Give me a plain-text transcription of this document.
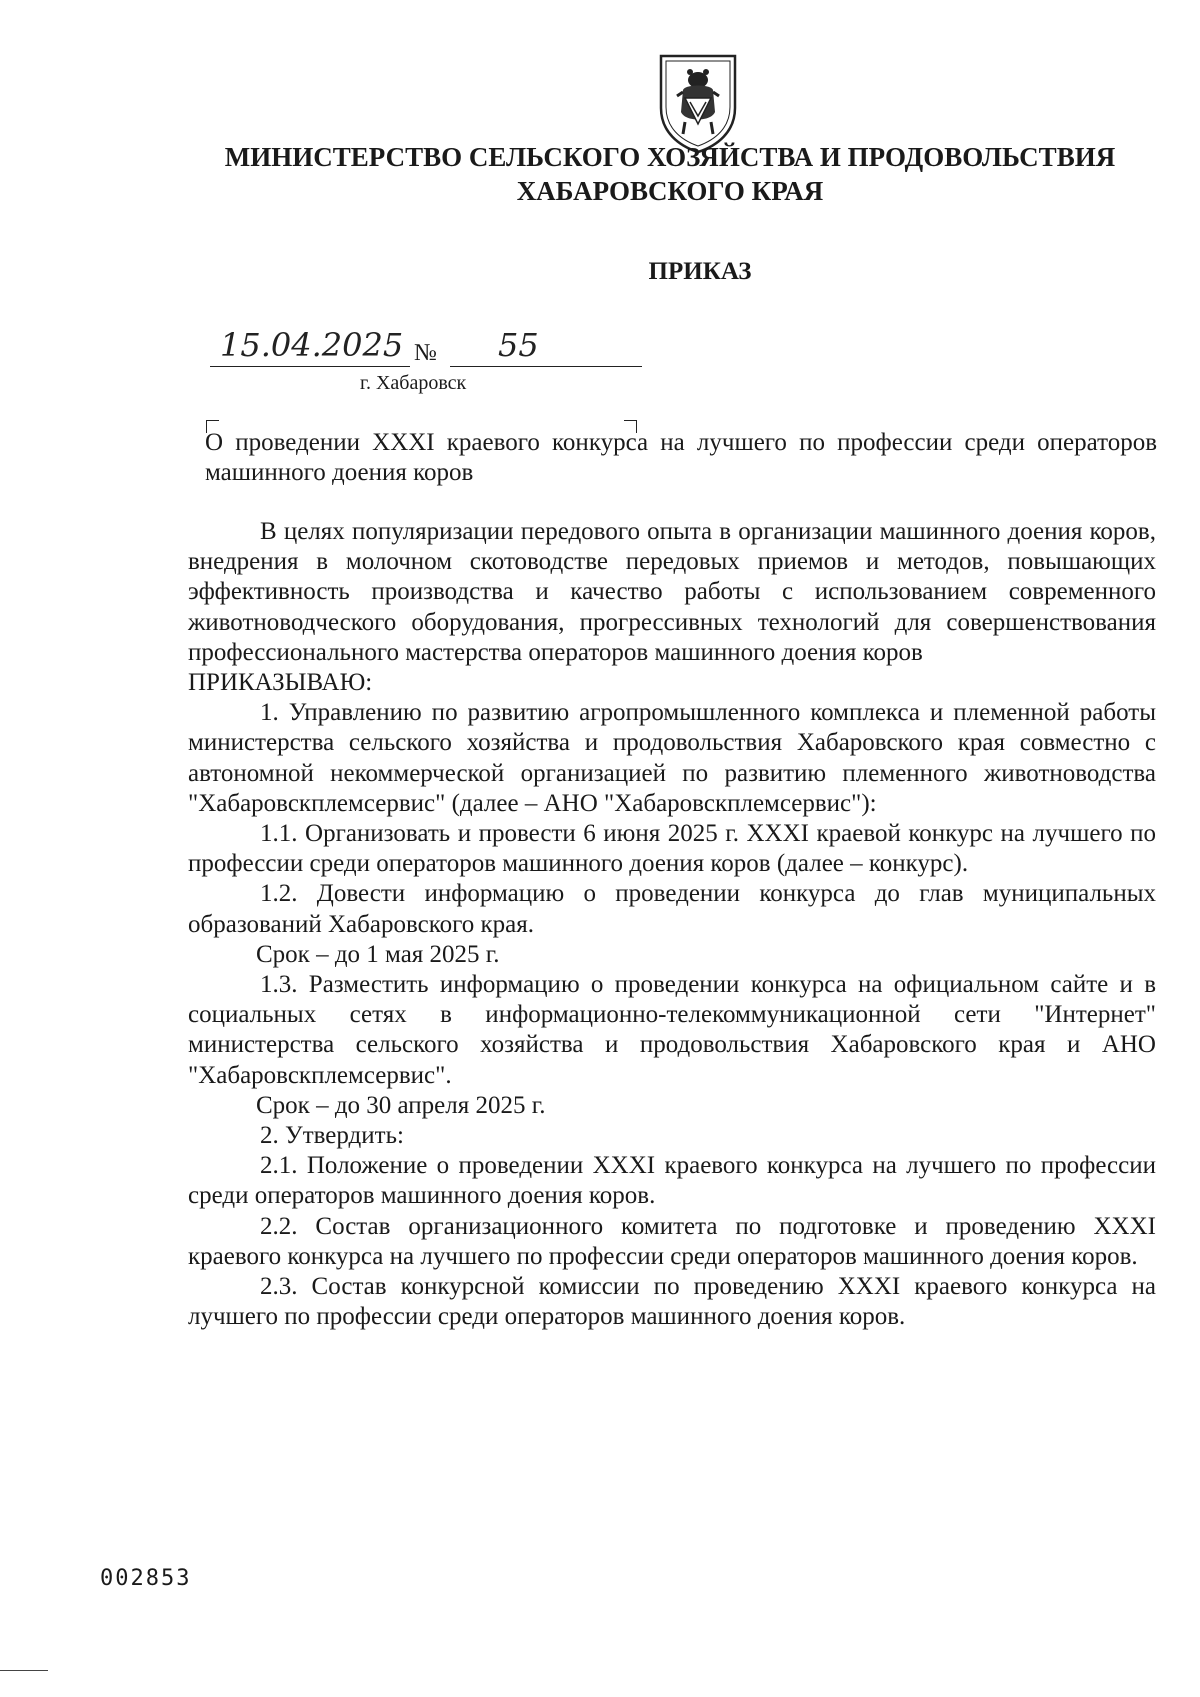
МИНИСТЕРСТВО СЕЛЬСКОГО ХОЗЯЙСТВА И ПРОДОВОЛЬСТВИЯ
ХАБАРОВСКОГО КРАЯ
ПРИКАЗ
15.04.2025 № 55
г. Хабаровск
О проведении XXXI краевого конкурса на лучшего по профессии среди операторов машинного доения коров

В целях популяризации передового опыта в организации машинного доения коров, внедрения в молочном скотоводстве передовых приемов и методов, повышающих эффективность производства и качество работы с использованием современного животноводческого оборудования, прогрессивных технологий для совершенствования профессионального мастерства операторов машинного доения коров

ПРИКАЗЫВАЮ:

1. Управлению по развитию агропромышленного комплекса и племенной работы министерства сельского хозяйства и продовольствия Хабаровского края совместно с автономной некоммерческой организацией по развитию племенного животноводства "Хабаровскплемсервис" (далее – АНО "Хабаровскплемсервис"):

1.1. Организовать и провести 6 июня 2025 г. XXXI краевой конкурс на лучшего по профессии среди операторов машинного доения коров (далее – конкурс).

1.2. Довести информацию о проведении конкурса до глав муниципальных образований Хабаровского края.

Срок – до 1 мая 2025 г.

1.3. Разместить информацию о проведении конкурса на официальном сайте и в социальных сетях в информационно-телекоммуникационной сети "Интернет" министерства сельского хозяйства и продовольствия Хабаровского края и АНО "Хабаровскплемсервис".

Срок – до 30 апреля 2025 г.

2. Утвердить:

2.1. Положение о проведении XXXI краевого конкурса на лучшего по профессии среди операторов машинного доения коров.

2.2. Состав организационного комитета по подготовке и проведению XXXI краевого конкурса на лучшего по профессии среди операторов машинного доения коров.

2.3. Состав конкурсной комиссии по проведению XXXI краевого конкурса на лучшего по профессии среди операторов машинного доения коров.

002853
